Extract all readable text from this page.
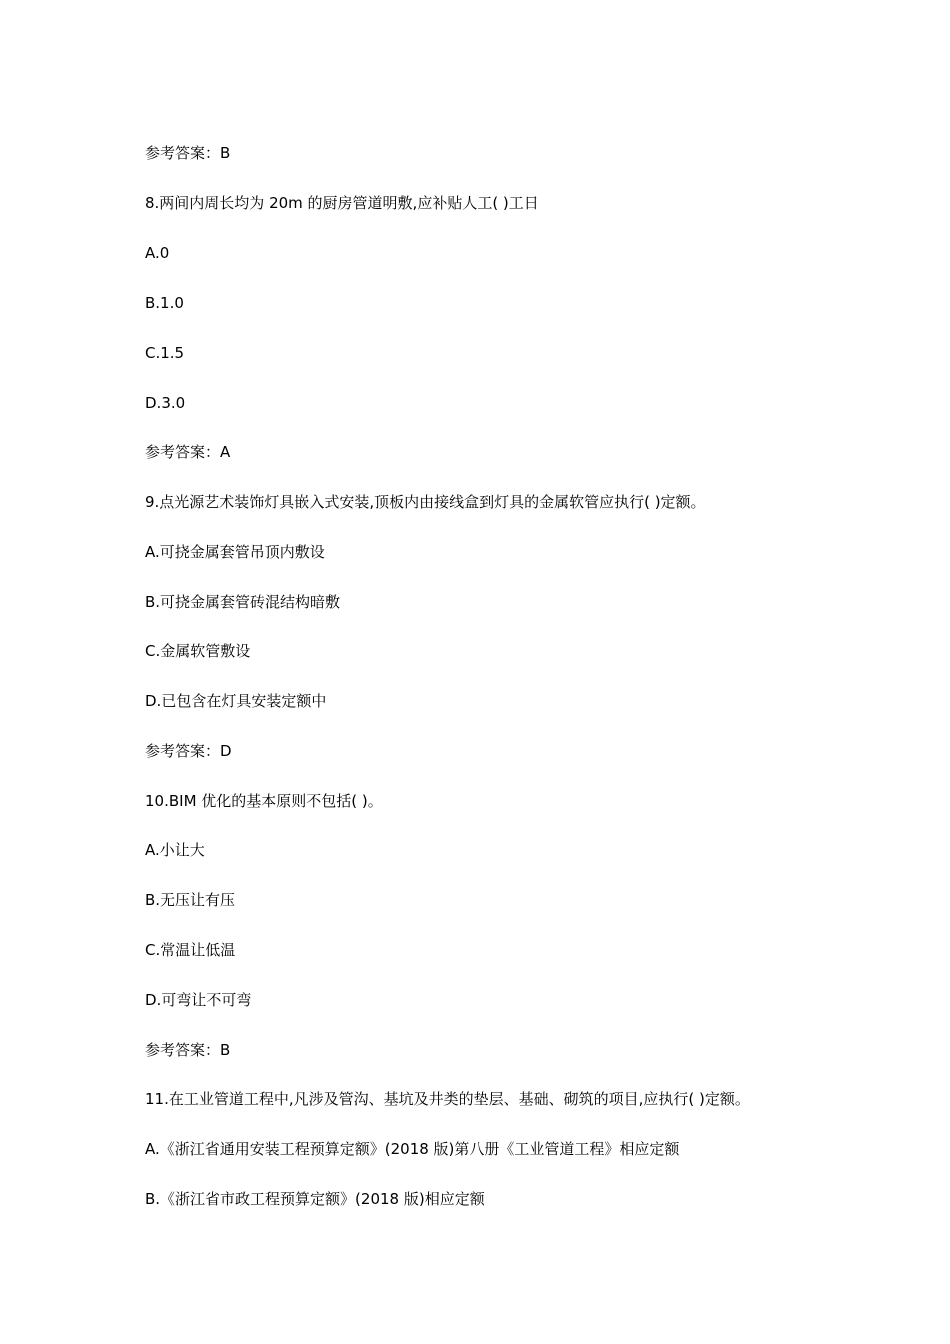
参考答案：B
8.两间内周长均为 20m 的厨房管道明敷,应补贴人工( )工日
A.0
B.1.0
C.1.5
D.3.0
参考答案：A
9.点光源艺术装饰灯具嵌入式安装,顶板内由接线盒到灯具的金属软管应执行( )定额。
A.可挠金属套管吊顶内敷设
B.可挠金属套管砖混结构暗敷
C.金属软管敷设
D.已包含在灯具安装定额中
参考答案：D
10.BIM 优化的基本原则不包括( )。
A.小让大
B.无压让有压
C.常温让低温
D.可弯让不可弯
参考答案：B
11.在工业管道工程中,凡涉及管沟、基坑及井类的垫层、基础、砌筑的项目,应执行( )定额。
A.《浙江省通用安装工程预算定额》(2018 版)第八册《工业管道工程》相应定额
B.《浙江省市政工程预算定额》(2018 版)相应定额
